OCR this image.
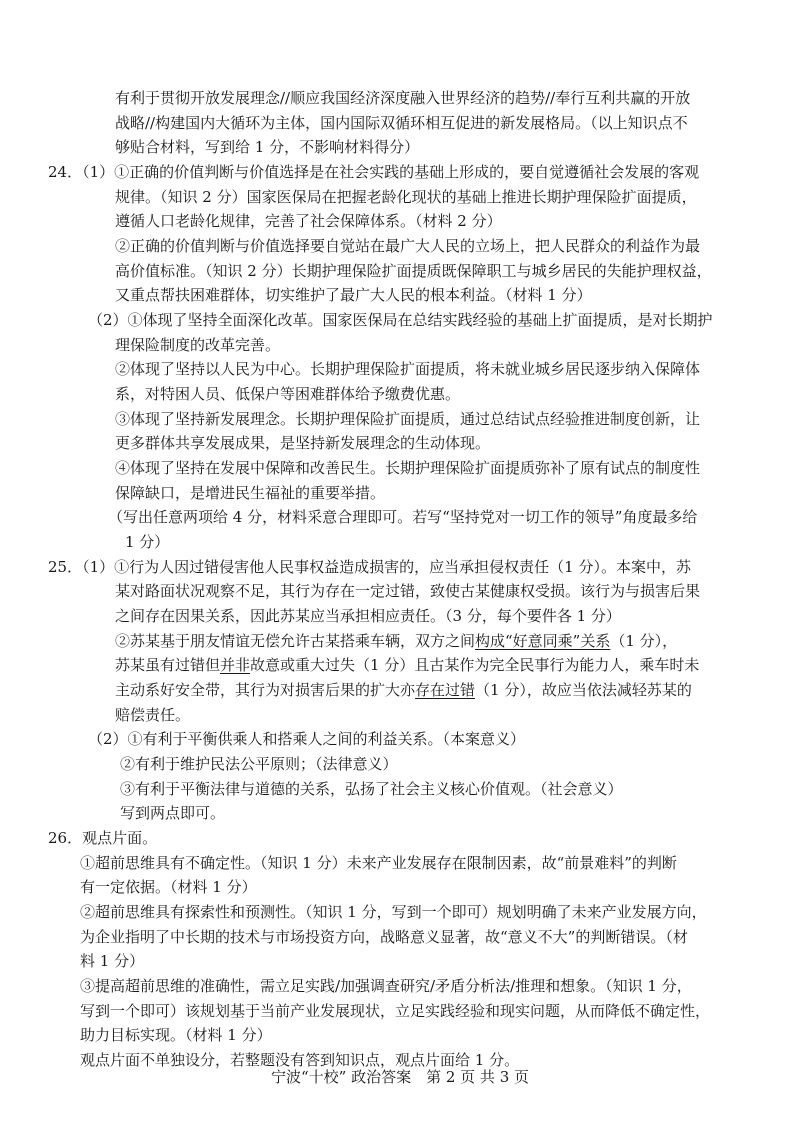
有利于贯彻开放发展理念//顺应我国经济深度融入世界经济的趋势//奉行互利共赢的开放
战略//构建国内大循环为主体，国内国际双循环相互促进的新发展格局。（以上知识点不
够贴合材料，写到给 1 分，不影响材料得分）
24．（1）①正确的价值判断与价值选择是在社会实践的基础上形成的，要自觉遵循社会发展的客观
规律。（知识 2 分）国家医保局在把握老龄化现状的基础上推进长期护理保险扩面提质，
遵循人口老龄化规律，完善了社会保障体系。（材料 2 分）
②正确的价值判断与价值选择要自觉站在最广大人民的立场上，把人民群众的利益作为最
高价值标准。（知识 2 分）长期护理保险扩面提质既保障职工与城乡居民的失能护理权益，
又重点帮扶困难群体，切实维护了最广大人民的根本利益。（材料 1 分）
（2）①体现了坚持全面深化改革。国家医保局在总结实践经验的基础上扩面提质，是对长期护
理保险制度的改革完善。
②体现了坚持以人民为中心。长期护理保险扩面提质，将未就业城乡居民逐步纳入保障体
系，对特困人员、低保户等困难群体给予缴费优惠。
③体现了坚持新发展理念。长期护理保险扩面提质，通过总结试点经验推进制度创新，让
更多群体共享发展成果，是坚持新发展理念的生动体现。
④体现了坚持在发展中保障和改善民生。长期护理保险扩面提质弥补了原有试点的制度性
保障缺口，是增进民生福祉的重要举措。
（写出任意两项给 4 分，材料采意合理即可。若写“坚持党对一切工作的领导”角度最多给
1 分）
25．（1）①行为人因过错侵害他人民事权益造成损害的，应当承担侵权责任（1 分）。本案中，苏
某对路面状况观察不足，其行为存在一定过错，致使古某健康权受损。该行为与损害后果
之间存在因果关系，因此苏某应当承担相应责任。（3 分，每个要件各 1 分）
②苏某基于朋友情谊无偿允许古某搭乘车辆，双方之间构成“好意同乘”关系（1 分），
苏某虽有过错但并非故意或重大过失（1 分）且古某作为完全民事行为能力人，乘车时未
主动系好安全带，其行为对损害后果的扩大亦存在过错（1 分），故应当依法减轻苏某的
赔偿责任。
（2）①有利于平衡供乘人和搭乘人之间的利益关系。（本案意义）
②有利于维护民法公平原则；（法律意义）
③有利于平衡法律与道德的关系，弘扬了社会主义核心价值观。（社会意义）
写到两点即可。
26．观点片面。
①超前思维具有不确定性。（知识 1 分）未来产业发展存在限制因素，故“前景难料”的判断
有一定依据。（材料 1 分）
②超前思维具有探索性和预测性。（知识 1 分，写到一个即可）规划明确了未来产业发展方向，
为企业指明了中长期的技术与市场投资方向，战略意义显著，故“意义不大”的判断错误。（材
料 1 分）
③提高超前思维的准确性，需立足实践/加强调查研究/矛盾分析法/推理和想象。（知识 1 分，
宁波“十校” 政治答案　第 2 页 共 3 页
写到一个即可）该规划基于当前产业发展现状，立足实践经验和现实问题，从而降低不确定性，
助力目标实现。（材料 1 分）
观点片面不单独设分，若整题没有答到知识点，观点片面给 1 分。
